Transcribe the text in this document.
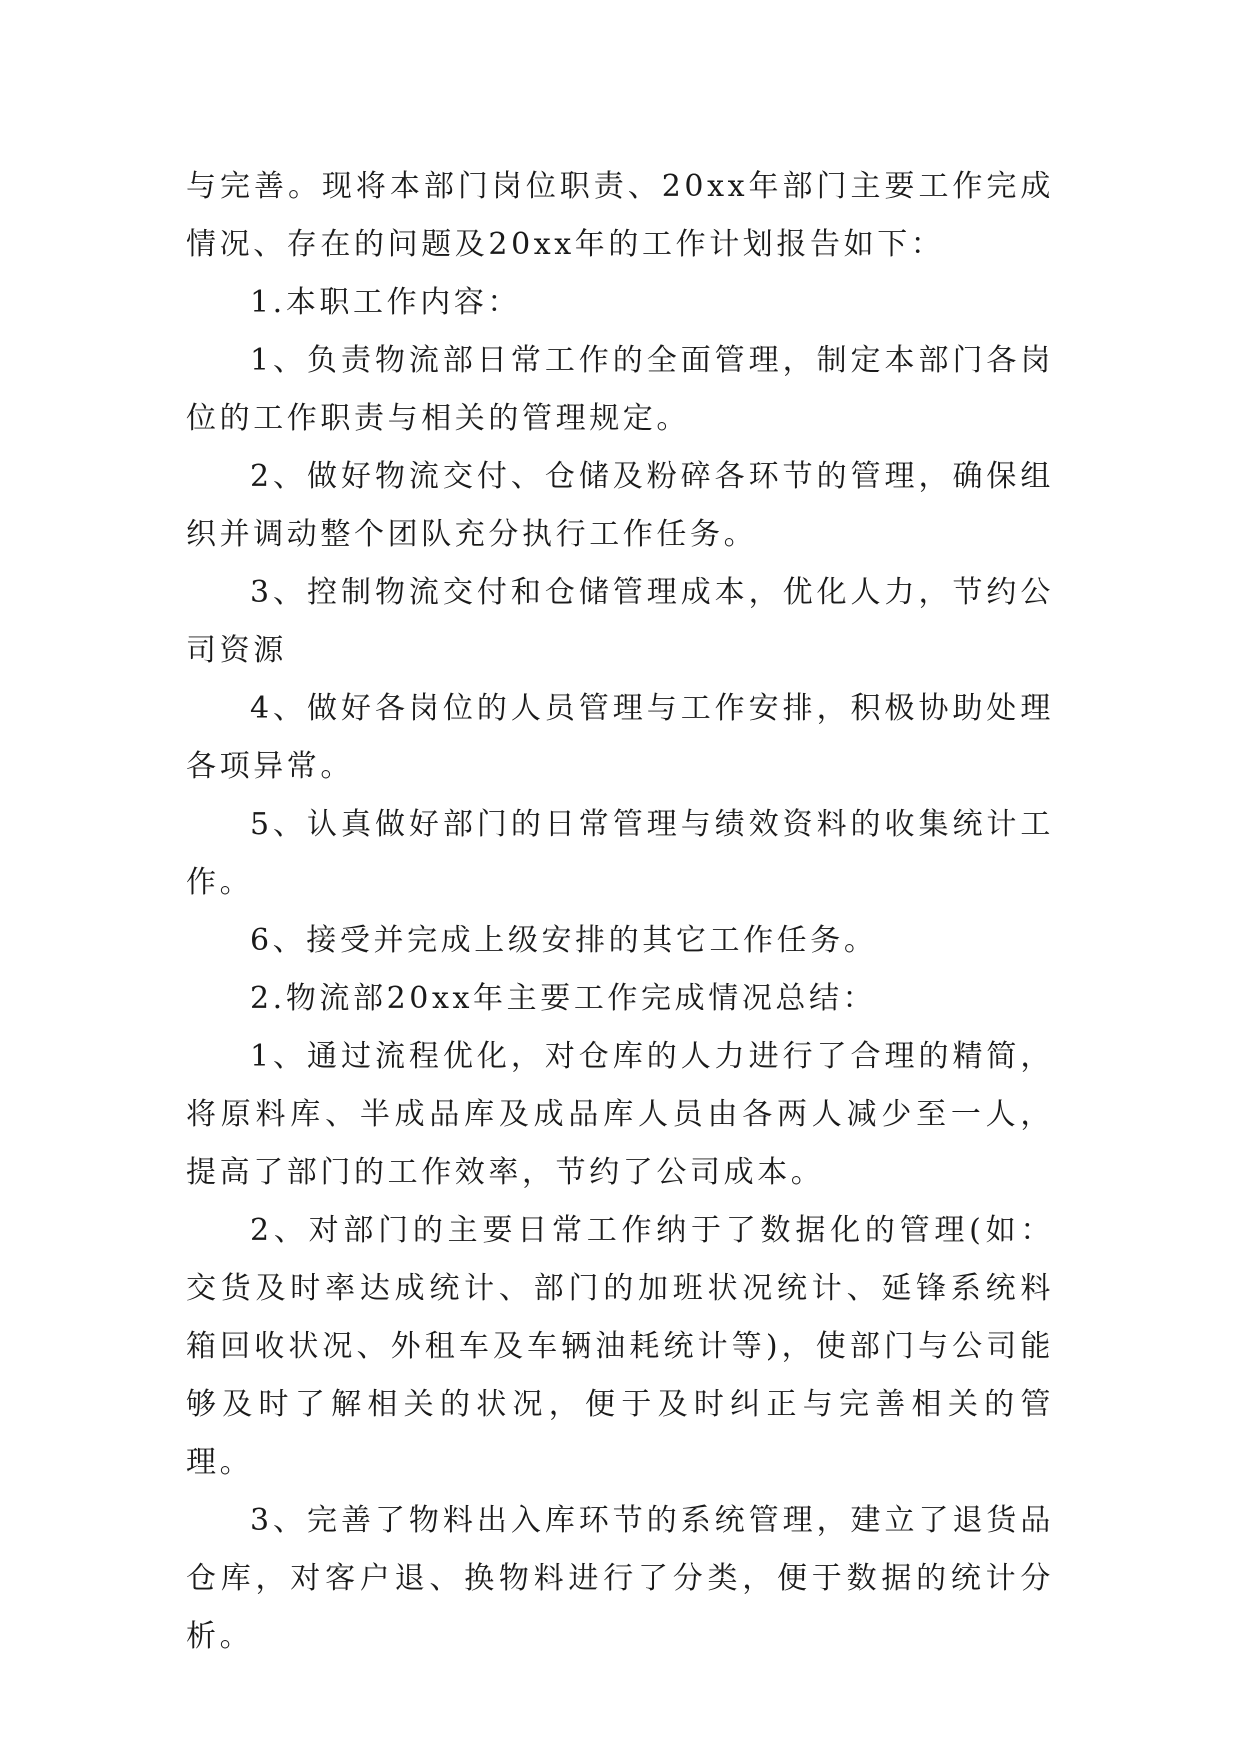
与完善。现将本部门岗位职责、20xx年部门主要工作完成情况、存在的问题及20xx年的工作计划报告如下：

1.本职工作内容：

1、负责物流部日常工作的全面管理，制定本部门各岗位的工作职责与相关的管理规定。

2、做好物流交付、仓储及粉碎各环节的管理，确保组织并调动整个团队充分执行工作任务。

3、控制物流交付和仓储管理成本，优化人力，节约公司资源

4、做好各岗位的人员管理与工作安排，积极协助处理各项异常。

5、认真做好部门的日常管理与绩效资料的收集统计工作。

6、接受并完成上级安排的其它工作任务。

2.物流部20xx年主要工作完成情况总结：

1、通过流程优化，对仓库的人力进行了合理的精简，将原料库、半成品库及成品库人员由各两人减少至一人，提高了部门的工作效率，节约了公司成本。

2、对部门的主要日常工作纳于了数据化的管理(如：交货及时率达成统计、部门的加班状况统计、延锋系统料箱回收状况、外租车及车辆油耗统计等)，使部门与公司能够及时了解相关的状况，便于及时纠正与完善相关的管理。

3、完善了物料出入库环节的系统管理，建立了退货品仓库，对客户退、换物料进行了分类，便于数据的统计分析。
